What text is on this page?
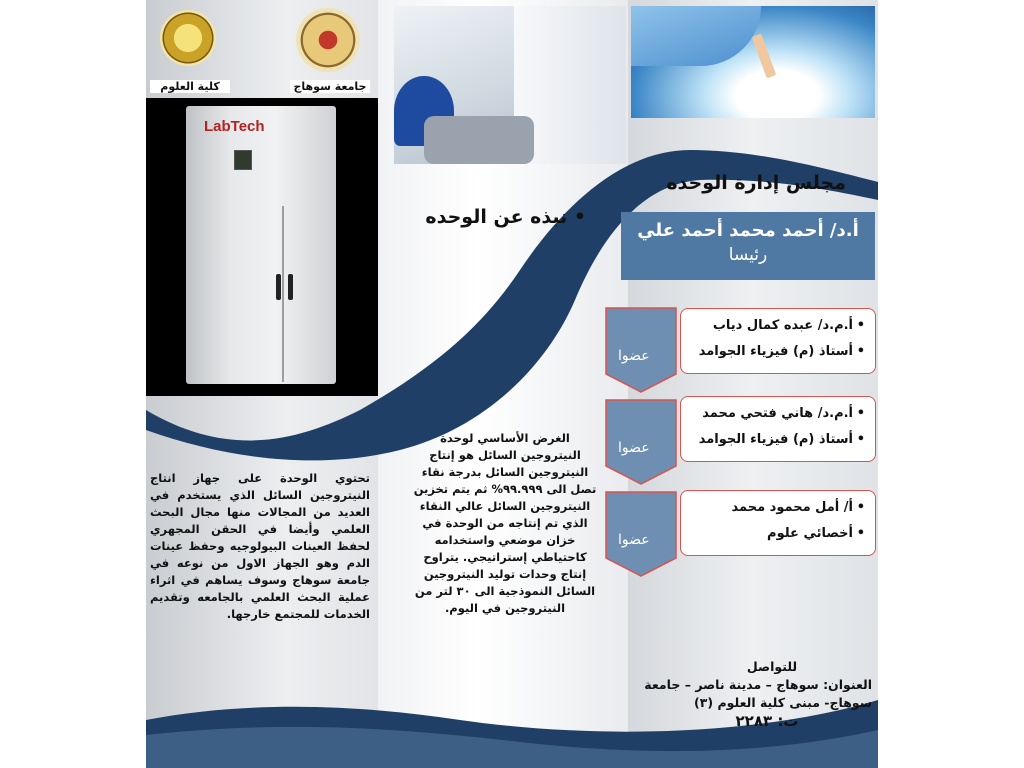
كلية العلوم	جامعة سوهاج
LabTech
• نبذه عن الوحده
مجلس إدارة الوحده
أ.د/ أحمد محمد أحمد علي
رئيسا
عضوا
عضوا
عضوا
• أ.م.د/ عبده كمال دياب
• أستاذ (م) فيزياء الجوامد
• أ.م.د/ هاني فتحي محمد
• أستاذ (م) فيزياء الجوامد
• أ/ أمل محمود محمد
• أخصائي علوم
تحتوي الوحدة على جهاز انتاج النيتروجين السائل الذي يستخدم في العديد من المجالات منها مجال البحث العلمي وأيضا في الحقن المجهري لحفظ العينات البيولوجيه وحفظ عينات الدم وهو الجهاز الاول من نوعه في جامعة سوهاج وسوف يساهم في اثراء عملية البحث العلمي بالجامعه وتقديم الخدمات للمجتمع خارجها.
الغرض الأساسي لوحدة النيتروجين السائل هو إنتاج النيتروجين السائل بدرجة نقاء تصل الى ٩٩.٩٩٩% ثم يتم تخزين النيتروجين السائل عالي النقاء الذي تم إنتاجه من الوحدة في خزان موضعي واستخدامه كاحتياطي إستراتيجي. يتراوح إنتاج وحدات توليد النيتروجين السائل النموذجية الى ٣٠ لتر من النيتروجين في اليوم.
للتواصل
العنوان: سوهاج – مدينة ناصر – جامعة سوهاج- مبنى كلية العلوم (٣)
ت: ٢٢٨٣
